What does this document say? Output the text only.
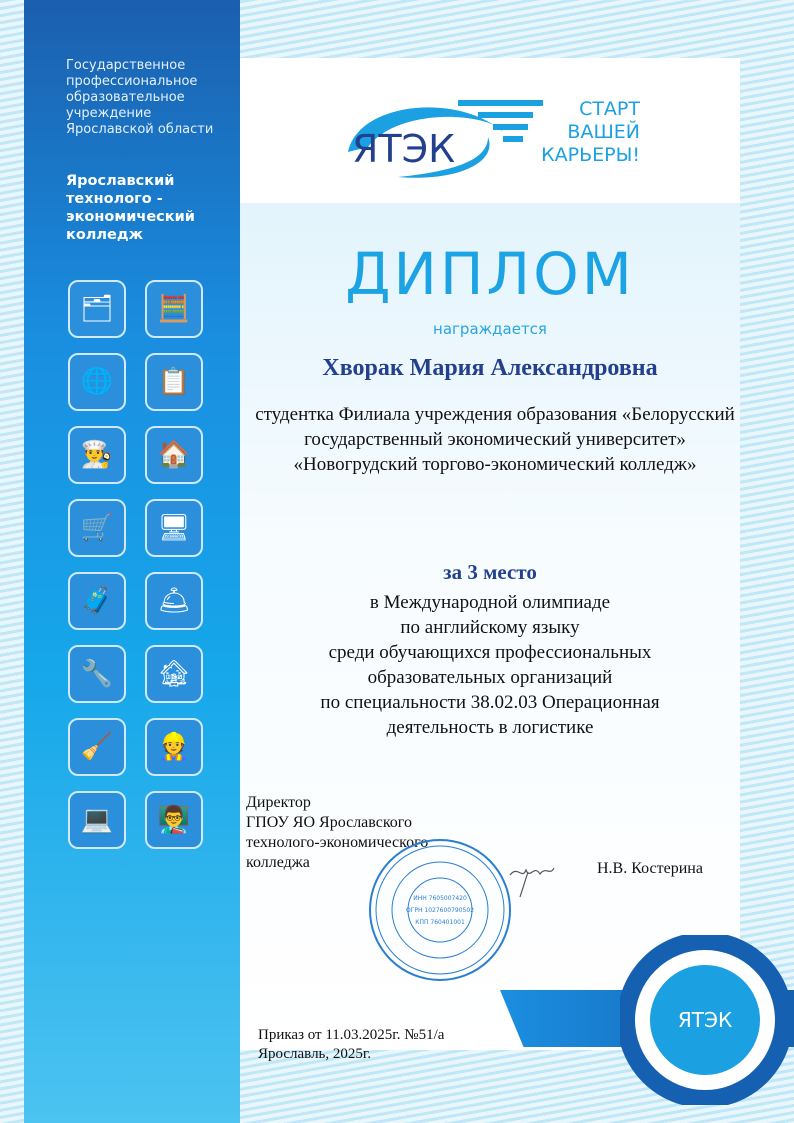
Государственное профессиональное образовательное учреждение Ярославской области
Ярославский технолого - экономический колледж
🗂	🧮
🌐	📋
👨‍🍳	🏠
🛒	🖥
🧳	🛎
🔧	🏚
🧹	👷
💻	👨‍🏫
ЯТЭК
СТАРТ
ВАШЕЙ
КАРЬЕРЫ!
ДИПЛОМ
награждается
Хворак Мария Александровна
студентка Филиала учреждения образования «Белорусский государственный экономический университет» «Новогрудский торгово-экономический колледж»
за 3 место
в Международной олимпиаде
по английскому языку
среди обучающихся профессиональных
образовательных организаций
по специальности 38.02.03 Операционная
деятельность в логистике
Директор
ГПОУ ЯО Ярославского
технолого-экономического
колледжа
ИНН 7605007420
ОГРН 1027600790502
КПП 760401001
Н.В. Костерина
ЯТЭК
Приказ от 11.03.2025г. №51/а
Ярославль, 2025г.
